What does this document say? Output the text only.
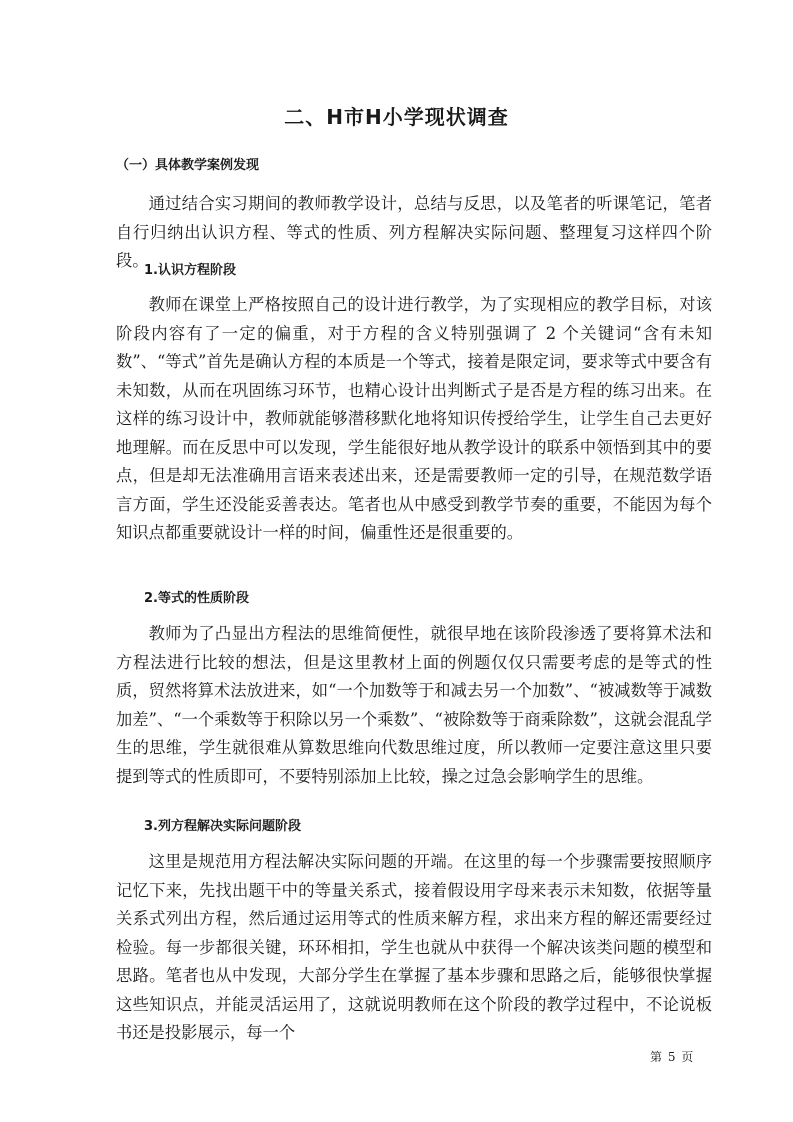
二、H市H小学现状调查
（一）具体教学案例发现

通过结合实习期间的教师教学设计，总结与反思，以及笔者的听课笔记，笔者自行归纳出认识方程、等式的性质、列方程解决实际问题、整理复习这样四个阶段。

1.认识方程阶段

教师在课堂上严格按照自己的设计进行教学，为了实现相应的教学目标，对该阶段内容有了一定的偏重，对于方程的含义特别强调了 2 个关键词“含有未知数”、“等式”首先是确认方程的本质是一个等式，接着是限定词，要求等式中要含有未知数，从而在巩固练习环节，也精心设计出判断式子是否是方程的练习出来。在这样的练习设计中，教师就能够潜移默化地将知识传授给学生，让学生自己去更好地理解。而在反思中可以发现，学生能很好地从教学设计的联系中领悟到其中的要点，但是却无法准确用言语来表述出来，还是需要教师一定的引导，在规范数学语言方面，学生还没能妥善表达。笔者也从中感受到教学节奏的重要，不能因为每个知识点都重要就设计一样的时间，偏重性还是很重要的。

2.等式的性质阶段

教师为了凸显出方程法的思维简便性，就很早地在该阶段渗透了要将算术法和方程法进行比较的想法，但是这里教材上面的例题仅仅只需要考虑的是等式的性质，贸然将算术法放进来，如“一个加数等于和减去另一个加数”、“被减数等于减数加差”、“一个乘数等于积除以另一个乘数”、“被除数等于商乘除数”，这就会混乱学生的思维，学生就很难从算数思维向代数思维过度，所以教师一定要注意这里只要提到等式的性质即可，不要特别添加上比较，操之过急会影响学生的思维。

3.列方程解决实际问题阶段

这里是规范用方程法解决实际问题的开端。在这里的每一个步骤需要按照顺序记忆下来，先找出题干中的等量关系式，接着假设用字母来表示未知数，依据等量关系式列出方程，然后通过运用等式的性质来解方程，求出来方程的解还需要经过检验。每一步都很关键，环环相扣，学生也就从中获得一个解决该类问题的模型和思路。笔者也从中发现，大部分学生在掌握了基本步骤和思路之后，能够很快掌握这些知识点，并能灵活运用了，这就说明教师在这个阶段的教学过程中，不论说板书还是投影展示，每一个

第 5 页
